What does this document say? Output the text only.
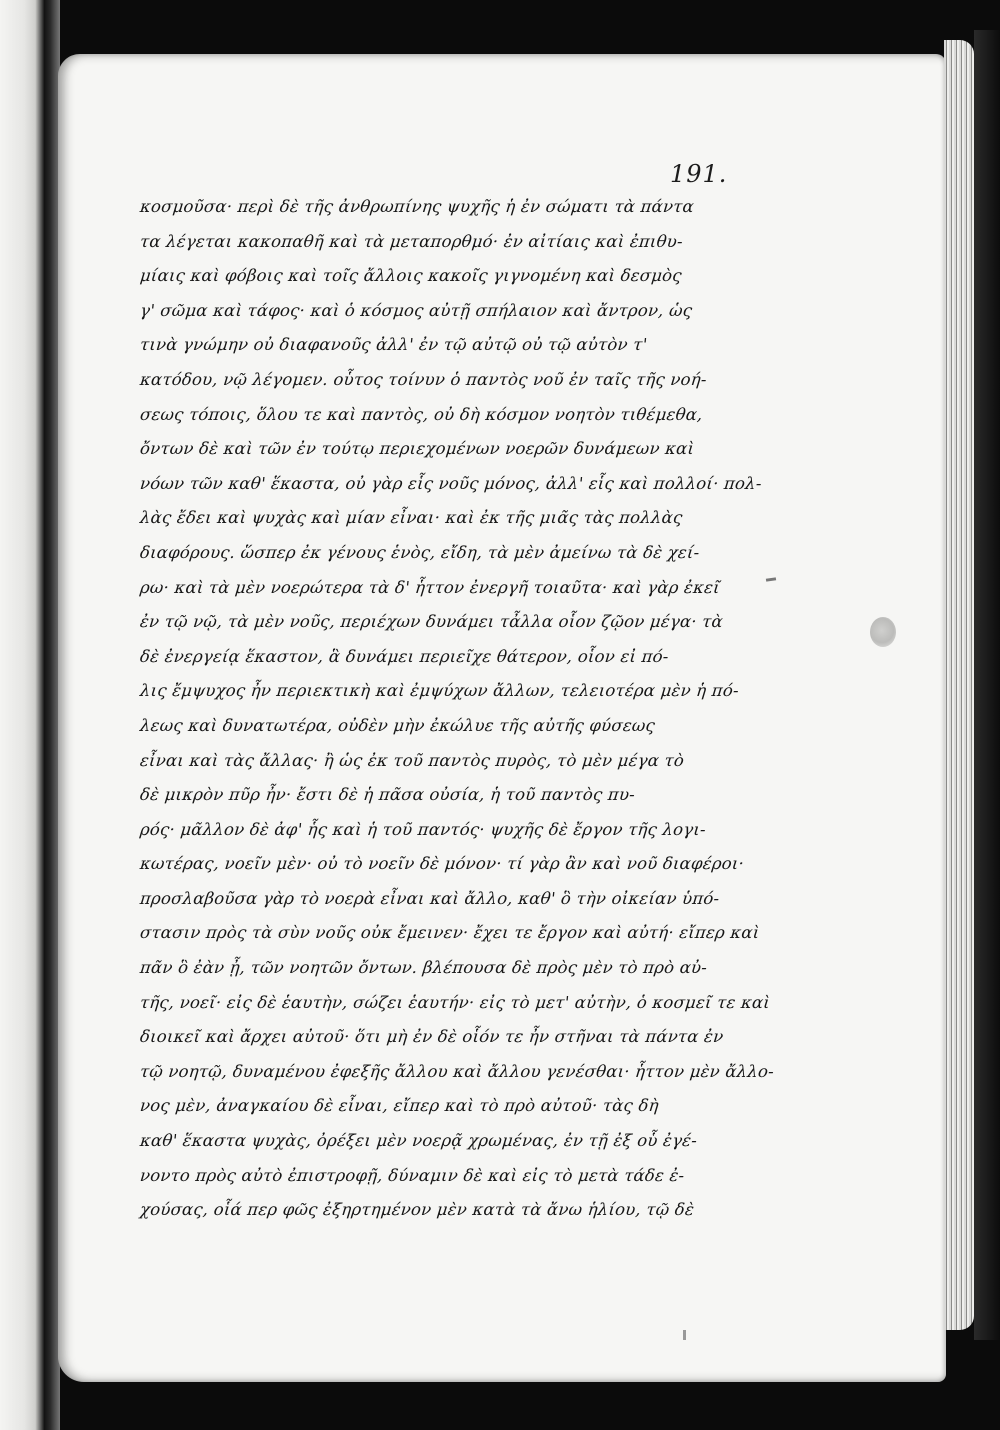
191.
κοσμοῦσα· περὶ δὲ τῆς ἀνθρωπίνης ψυχῆς ἡ ἐν σώματι τὰ πάντα
τα λέγεται κακοπαθῆ καὶ τὰ μεταπορθμό· ἐν αἰτίαις καὶ ἐπιθυ-
μίαις καὶ φόβοις καὶ τοῖς ἄλλοις κακοῖς γιγνομένη καὶ δεσμὸς
γ' σῶμα καὶ τάφος· καὶ ὁ κόσμος αὐτῇ σπήλαιον καὶ ἄντρον, ὡς
τινὰ γνώμην οὐ διαφανοῦς ἀλλ' ἐν τῷ αὐτῷ οὐ τῷ αὐτὸν τ'
κατόδου, νῷ λέγομεν. οὗτος τοίνυν ὁ παντὸς νοῦ ἐν ταῖς τῆς νοή-
σεως τόποις, ὅλου τε καὶ παντὸς, οὐ δὴ κόσμον νοητὸν τιθέμεθα,
ὄντων δὲ καὶ τῶν ἐν τούτῳ περιεχομένων νοερῶν δυνάμεων καὶ
νόων τῶν καθ' ἕκαστα, οὐ γὰρ εἷς νοῦς μόνος, ἀλλ' εἷς καὶ πολλοί· πολ-
λὰς ἔδει καὶ ψυχὰς καὶ μίαν εἶναι· καὶ ἐκ τῆς μιᾶς τὰς πολλὰς
διαφόρους. ὥσπερ ἐκ γένους ἑνὸς, εἴδη, τὰ μὲν ἀμείνω τὰ δὲ χεί-
ρω· καὶ τὰ μὲν νοερώτερα τὰ δ' ἧττον ἐνεργῆ τοιαῦτα· καὶ γὰρ ἐκεῖ
ἐν τῷ νῷ, τὰ μὲν νοῦς, περιέχων δυνάμει τἆλλα οἷον ζῷον μέγα· τὰ
δὲ ἐνεργείᾳ ἕκαστον, ἃ δυνάμει περιεῖχε θάτερον, οἷον εἰ πό-
λις ἔμψυχος ἦν περιεκτικὴ καὶ ἐμψύχων ἄλλων, τελειοτέρα μὲν ἡ πό-
λεως καὶ δυνατωτέρα, οὐδὲν μὴν ἐκώλυε τῆς αὐτῆς φύσεως
εἶναι καὶ τὰς ἄλλας· ἢ ὡς ἐκ τοῦ παντὸς πυρὸς, τὸ μὲν μέγα τὸ
δὲ μικρὸν πῦρ ἦν· ἔστι δὲ ἡ πᾶσα οὐσία, ἡ τοῦ παντὸς πυ-
ρός· μᾶλλον δὲ ἀφ' ἧς καὶ ἡ τοῦ παντός· ψυχῆς δὲ ἔργον τῆς λογι-
κωτέρας, νοεῖν μὲν· οὐ τὸ νοεῖν δὲ μόνον· τί γὰρ ἂν καὶ νοῦ διαφέροι·
προσλαβοῦσα γὰρ τὸ νοερὰ εἶναι καὶ ἄλλο, καθ' ὃ τὴν οἰκείαν ὑπό-
στασιν πρὸς τὰ σὺν νοῦς οὐκ ἔμεινεν· ἔχει τε ἔργον καὶ αὐτή· εἴπερ καὶ
πᾶν ὃ ἐὰν ᾖ, τῶν νοητῶν ὄντων. βλέπουσα δὲ πρὸς μὲν τὸ πρὸ αὐ-
τῆς, νοεῖ· εἰς δὲ ἑαυτὴν, σώζει ἑαυτήν· εἰς τὸ μετ' αὐτὴν, ὁ κοσμεῖ τε καὶ
διοικεῖ καὶ ἄρχει αὐτοῦ· ὅτι μὴ ἐν δὲ οἷόν τε ἦν στῆναι τὰ πάντα ἐν
τῷ νοητῷ, δυναμένου ἐφεξῆς ἄλλου καὶ ἄλλου γενέσθαι· ἧττον μὲν ἄλλο-
νος μὲν, ἀναγκαίου δὲ εἶναι, εἴπερ καὶ τὸ πρὸ αὐτοῦ· τὰς δὴ
καθ' ἕκαστα ψυχὰς, ὀρέξει μὲν νοερᾷ χρωμένας, ἐν τῇ ἐξ οὗ ἐγέ-
νοντο πρὸς αὐτὸ ἐπιστροφῇ, δύναμιν δὲ καὶ εἰς τὸ μετὰ τάδε ἐ-
χούσας, οἷά περ φῶς ἐξηρτημένον μὲν κατὰ τὰ ἄνω ἡλίου, τῷ δὲ
